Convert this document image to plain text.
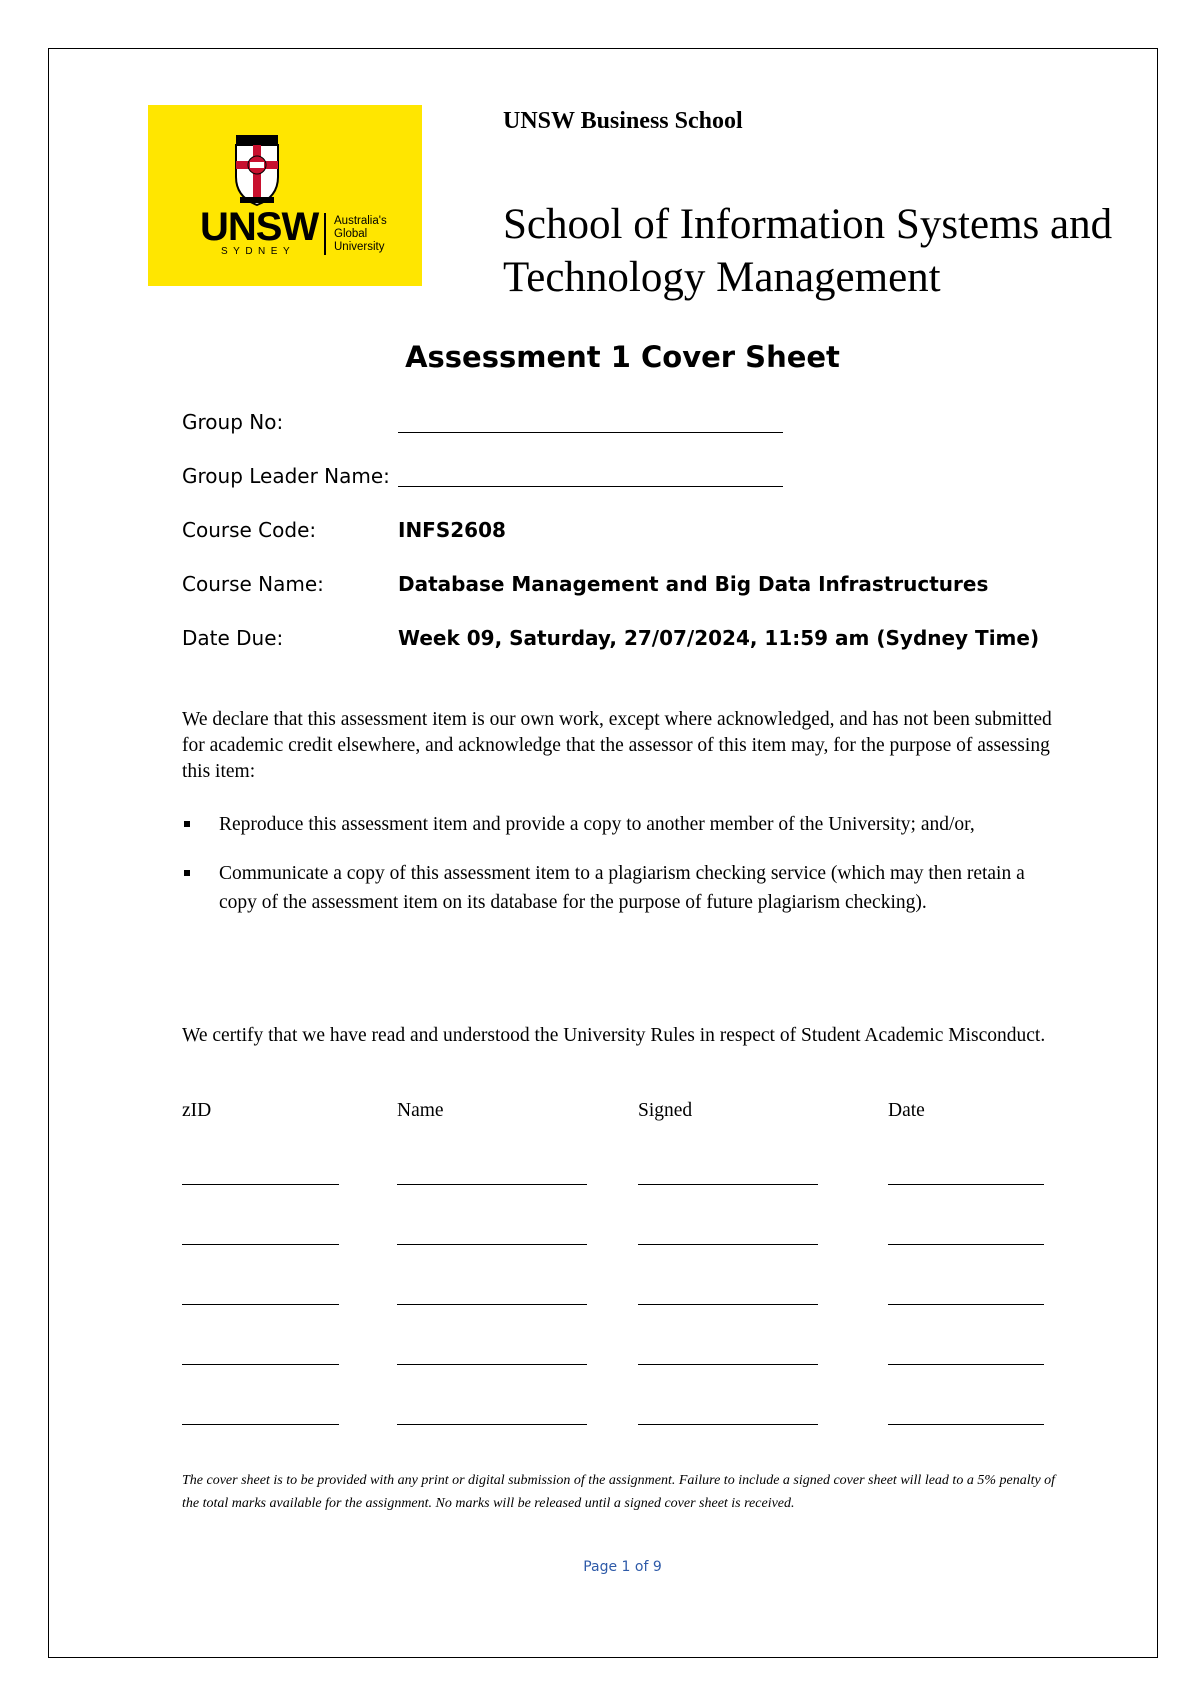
UNSW
SYDNEY
Australia's
Global
University
UNSW Business School
School of Information Systems and
Technology Management
Assessment 1 Cover Sheet
Group No:
Group Leader Name:
Course Code:	INFS2608
Course Name:	Database Management and Big Data Infrastructures
Date Due:	Week 09, Saturday, 27/07/2024, 11:59 am (Sydney Time)

We declare that this assessment item is our own work, except where acknowledged, and has not been submitted for academic credit elsewhere, and acknowledge that the assessor of this item may, for the purpose of assessing this item:

Reproduce this assessment item and provide a copy to another member of the University; and/or,
Communicate a copy of this assessment item to a plagiarism checking service (which may then retain a copy of the assessment item on its database for the purpose of future plagiarism checking).

We certify that we have read and understood the University Rules in respect of Student Academic Misconduct.

zID	Name	Signed	Date

The cover sheet is to be provided with any print or digital submission of the assignment. Failure to include a signed cover sheet will lead to a 5% penalty of the total marks available for the assignment. No marks will be released until a signed cover sheet is received.

Page 1 of 9
